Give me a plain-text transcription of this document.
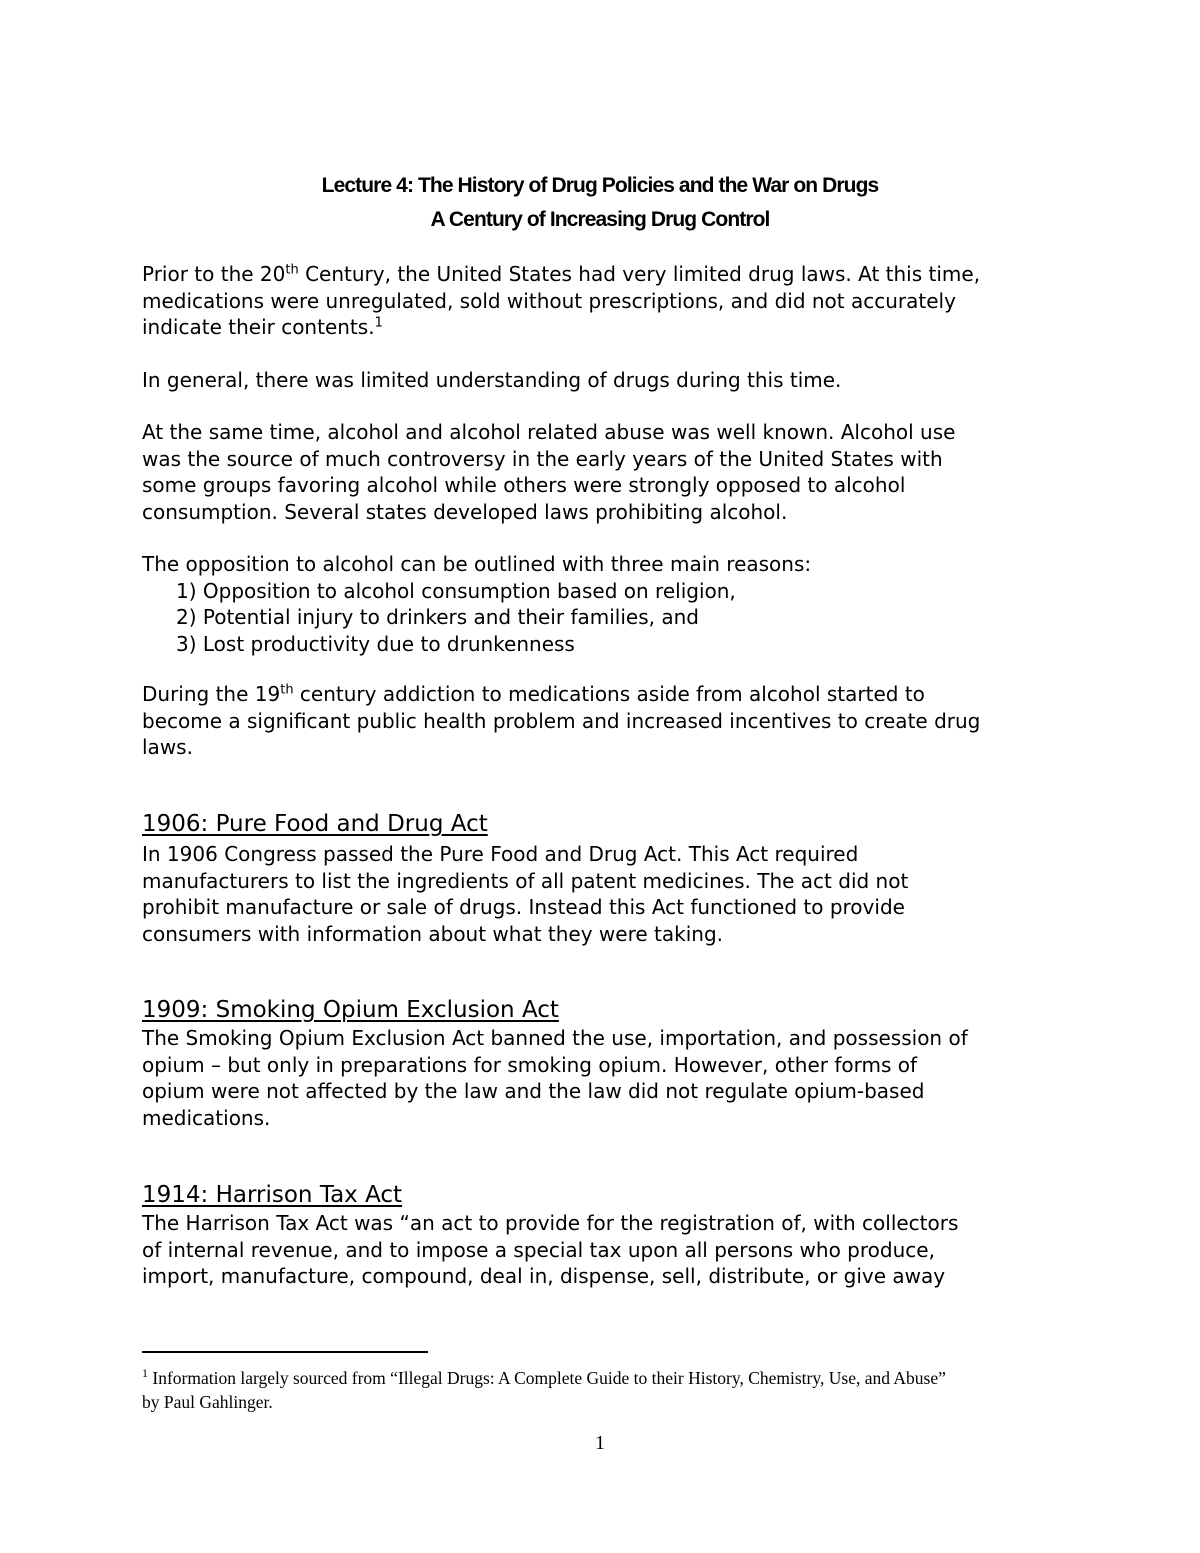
Lecture 4: The History of Drug Policies and the War on Drugs
A Century of Increasing Drug Control
Prior to the 20th Century, the United States had very limited drug laws. At this time,
medications were unregulated, sold without prescriptions, and did not accurately
indicate their contents.$^1$
In general, there was limited understanding of drugs during this time.
At the same time, alcohol and alcohol related abuse was well known. Alcohol use
was the source of much controversy in the early years of the United States with
some groups favoring alcohol while others were strongly opposed to alcohol
consumption. Several states developed laws prohibiting alcohol.
The opposition to alcohol can be outlined with three main reasons:
1) Opposition to alcohol consumption based on religion,
2) Potential injury to drinkers and their families, and
3) Lost productivity due to drunkenness
During the 19th century addiction to medications aside from alcohol started to
become a significant public health problem and increased incentives to create drug
laws.
1906: Pure Food and Drug Act
In 1906 Congress passed the Pure Food and Drug Act. This Act required
manufacturers to list the ingredients of all patent medicines. The act did not
prohibit manufacture or sale of drugs. Instead this Act functioned to provide
consumers with information about what they were taking.
1909: Smoking Opium Exclusion Act
The Smoking Opium Exclusion Act banned the use, importation, and possession of
opium – but only in preparations for smoking opium. However, other forms of
opium were not affected by the law and the law did not regulate opium-based
medications.
1914: Harrison Tax Act
The Harrison Tax Act was “an act to provide for the registration of, with collectors
of internal revenue, and to impose a special tax upon all persons who produce,
import, manufacture, compound, deal in, dispense, sell, distribute, or give away
$^1$ Information largely sourced from “Illegal Drugs: A Complete Guide to their History, Chemistry, Use, and Abuse”
by Paul Gahlinger.
1
